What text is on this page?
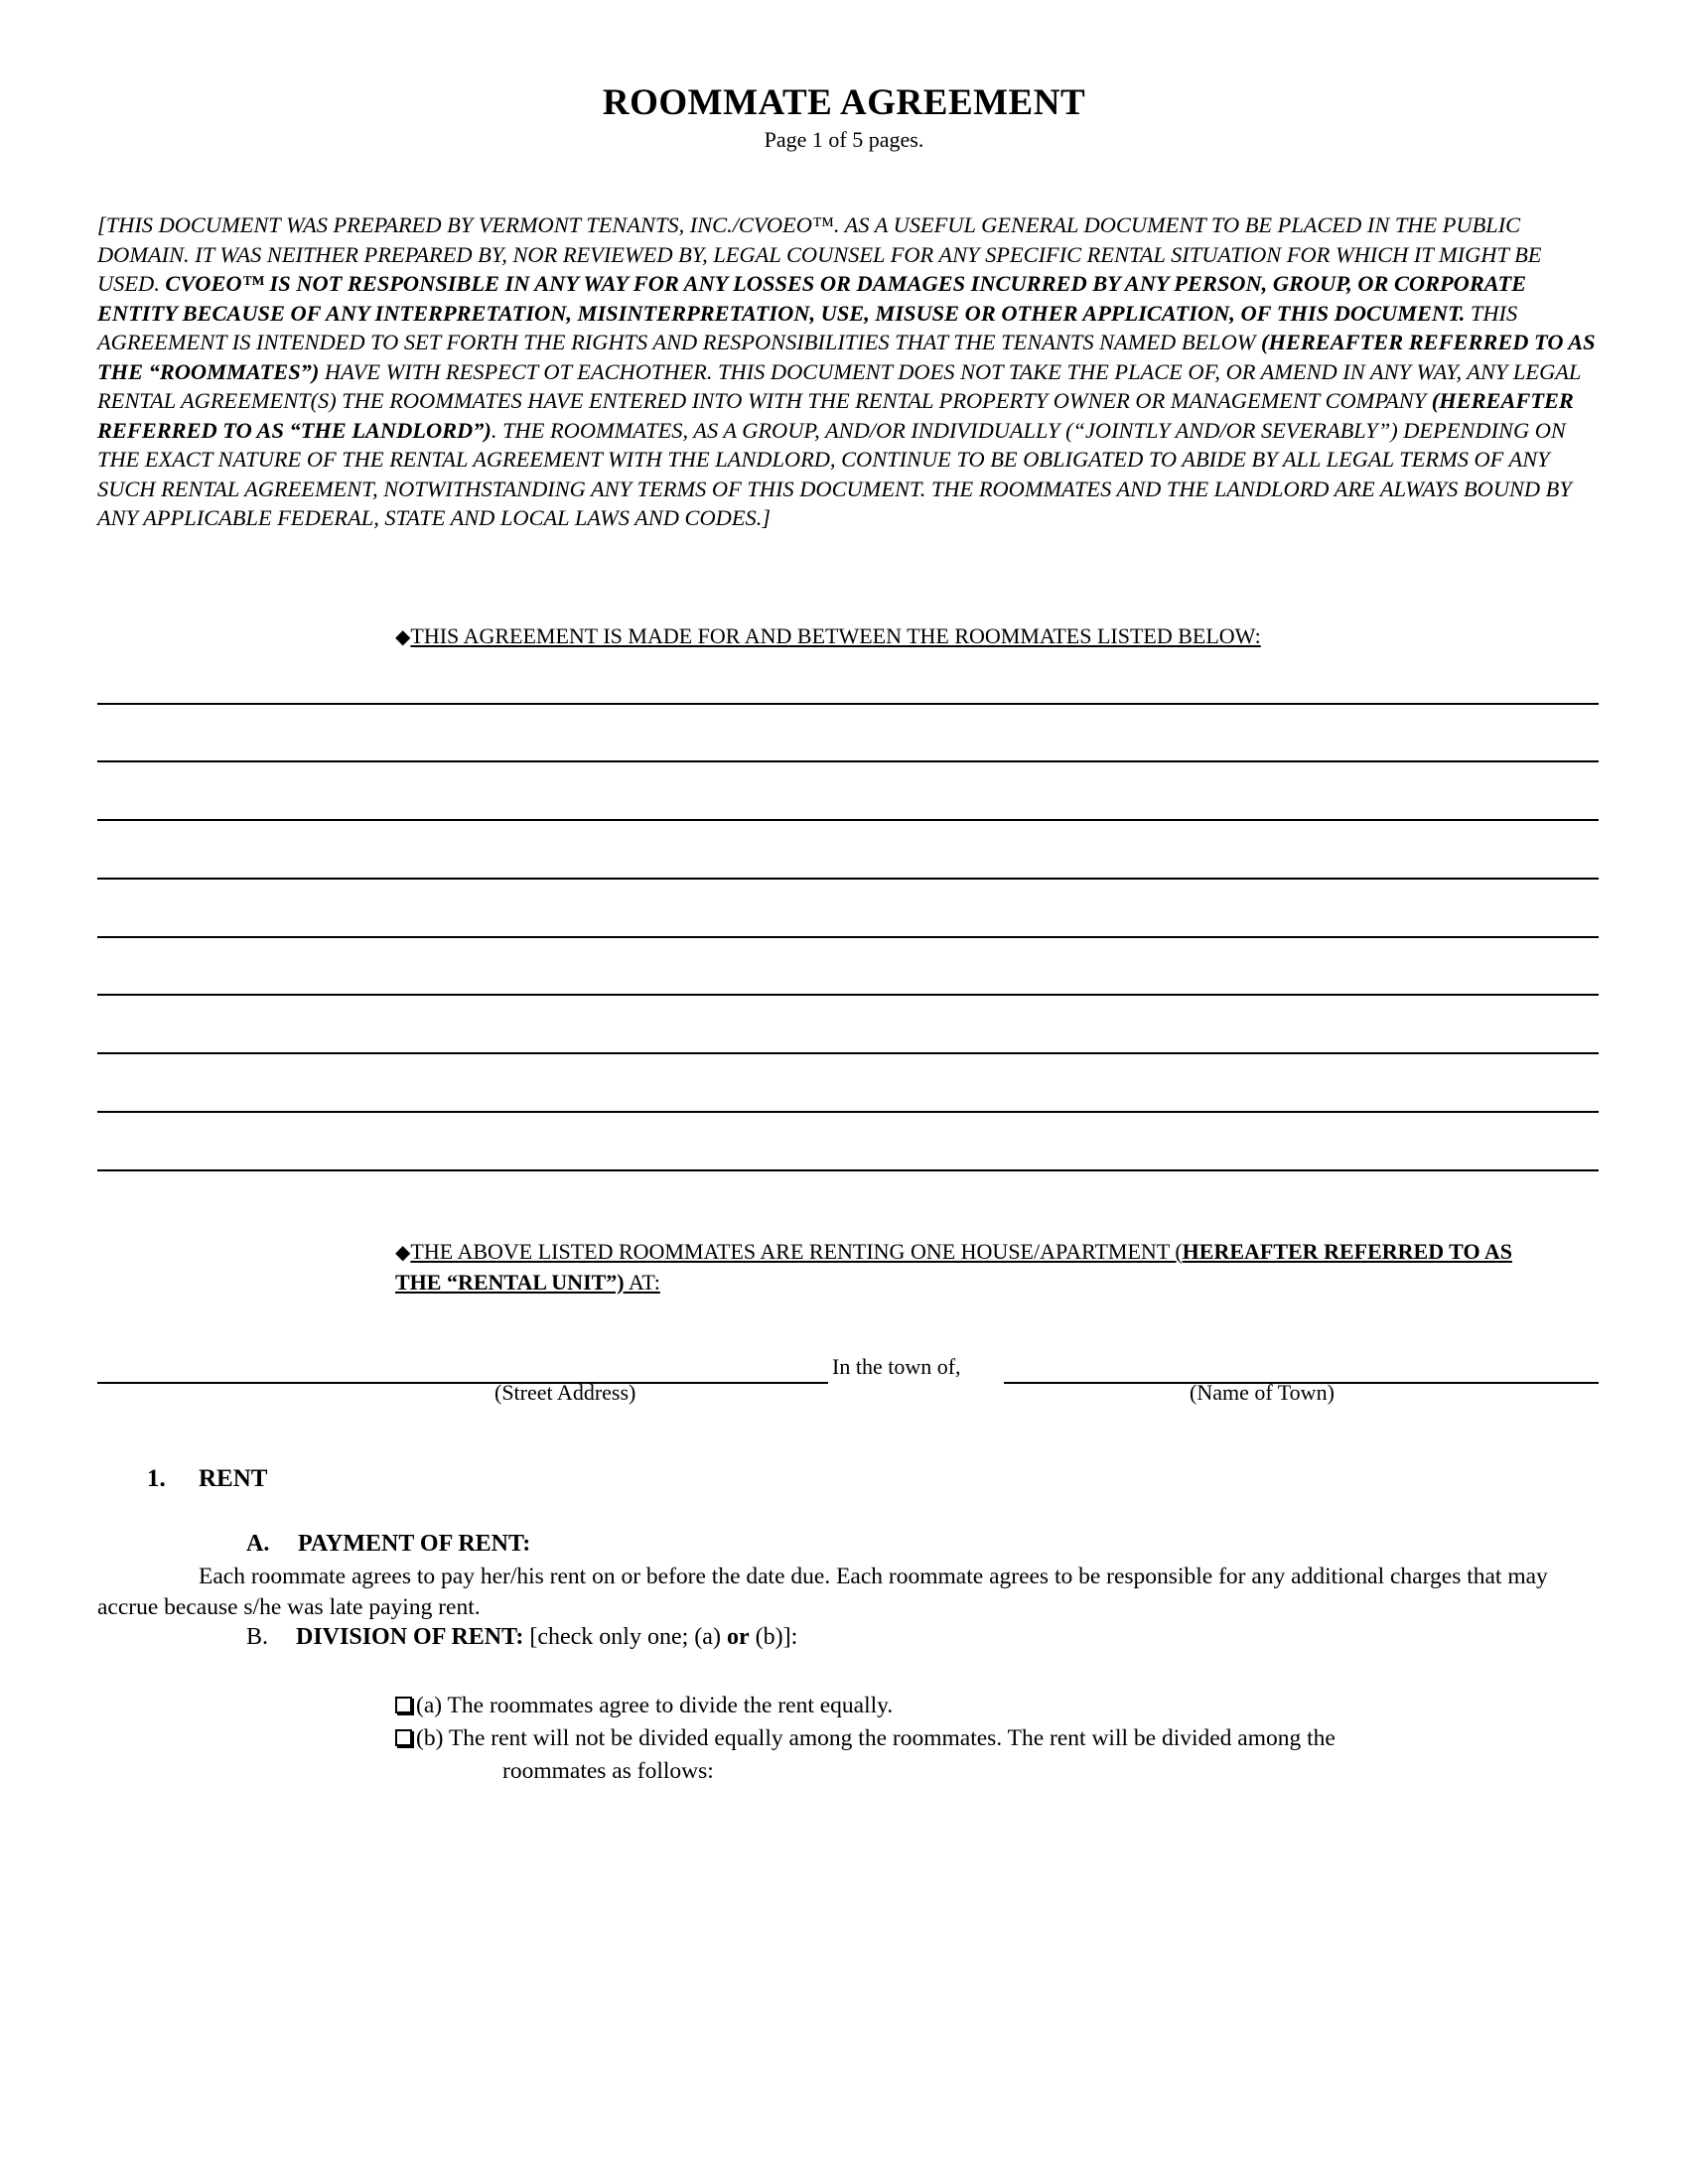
ROOMMATE AGREEMENT
Page 1 of 5 pages.
[THIS DOCUMENT WAS PREPARED BY VERMONT TENANTS, INC./CVOEO™. AS A USEFUL GENERAL DOCUMENT TO BE PLACED IN THE PUBLIC DOMAIN. IT WAS NEITHER PREPARED BY, NOR REVIEWED BY, LEGAL COUNSEL FOR ANY SPECIFIC RENTAL SITUATION FOR WHICH IT MIGHT BE USED. CVOEO™ IS NOT RESPONSIBLE IN ANY WAY FOR ANY LOSSES OR DAMAGES INCURRED BY ANY PERSON, GROUP, OR CORPORATE ENTITY BECAUSE OF ANY INTERPRETATION, MISINTERPRETATION, USE, MISUSE OR OTHER APPLICATION, OF THIS DOCUMENT. THIS AGREEMENT IS INTENDED TO SET FORTH THE RIGHTS AND RESPONSIBILITIES THAT THE TENANTS NAMED BELOW (HEREAFTER REFERRED TO AS THE “ROOMMATES”) HAVE WITH RESPECT OT EACHOTHER. THIS DOCUMENT DOES NOT TAKE THE PLACE OF, OR AMEND IN ANY WAY, ANY LEGAL RENTAL AGREEMENT(S) THE ROOMMATES HAVE ENTERED INTO WITH THE RENTAL PROPERTY OWNER OR MANAGEMENT COMPANY (HEREAFTER REFERRED TO AS “THE LANDLORD”). THE ROOMMATES, AS A GROUP, AND/OR INDIVIDUALLY (“JOINTLY AND/OR SEVERABLY”) DEPENDING ON THE EXACT NATURE OF THE RENTAL AGREEMENT WITH THE LANDLORD, CONTINUE TO BE OBLIGATED TO ABIDE BY ALL LEGAL TERMS OF ANY SUCH RENTAL AGREEMENT, NOTWITHSTANDING ANY TERMS OF THIS DOCUMENT. THE ROOMMATES AND THE LANDLORD ARE ALWAYS BOUND BY ANY APPLICABLE FEDERAL, STATE AND LOCAL LAWS AND CODES.]
◆THIS AGREEMENT IS MADE FOR AND BETWEEN THE ROOMMATES LISTED BELOW:
◆THE ABOVE LISTED ROOMMATES ARE RENTING ONE HOUSE/APARTMENT (HEREAFTER REFERRED TO AS THE “RENTAL UNIT”) AT:
In the town of,
(Street Address)	(Name of Town)
1. RENT
A. PAYMENT OF RENT:
Each roommate agrees to pay her/his rent on or before the date due. Each roommate agrees to be responsible for any additional charges that may accrue because s/he was late paying rent.
B. DIVISION OF RENT: [check only one; (a) or (b)]:
(a) The roommates agree to divide the rent equally.
(b) The rent will not be divided equally among the roommates. The rent will be divided among the
roommates as follows:
